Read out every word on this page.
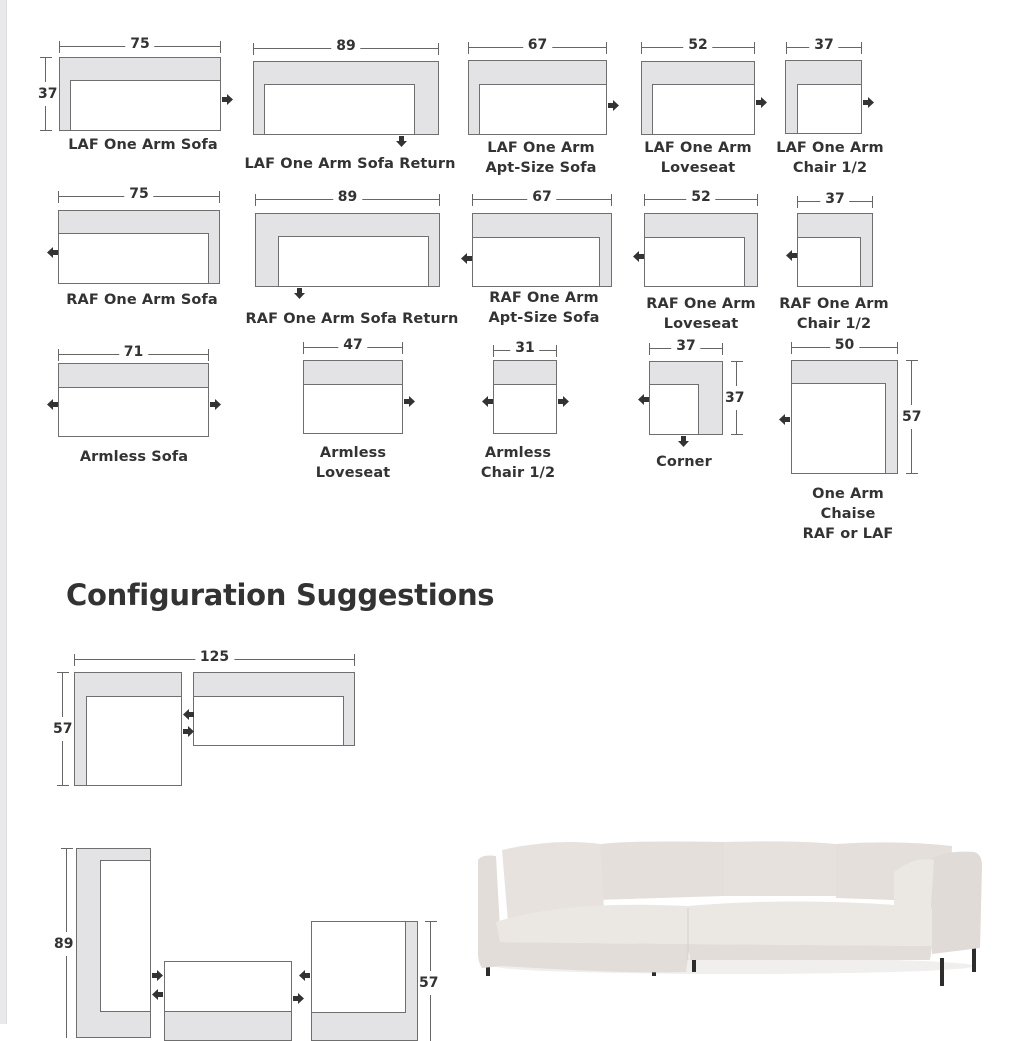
75
37
LAF One Arm Sofa
89
LAF One Arm Sofa Return
67
LAF One Arm
Apt-Size Sofa
52
LAF One Arm
Loveseat
37
LAF One Arm
Chair 1/2
75
RAF One Arm Sofa
89
RAF One Arm Sofa Return
67
RAF One Arm
Apt-Size Sofa
52
RAF One Arm
Loveseat
37
RAF One Arm
Chair 1/2
71
Armless Sofa
47
Armless
Loveseat
31
Armless
Chair 1/2
37
37
Corner
50
57
One Arm
Chaise
RAF or LAF
Configuration Suggestions
125
57
89
57
